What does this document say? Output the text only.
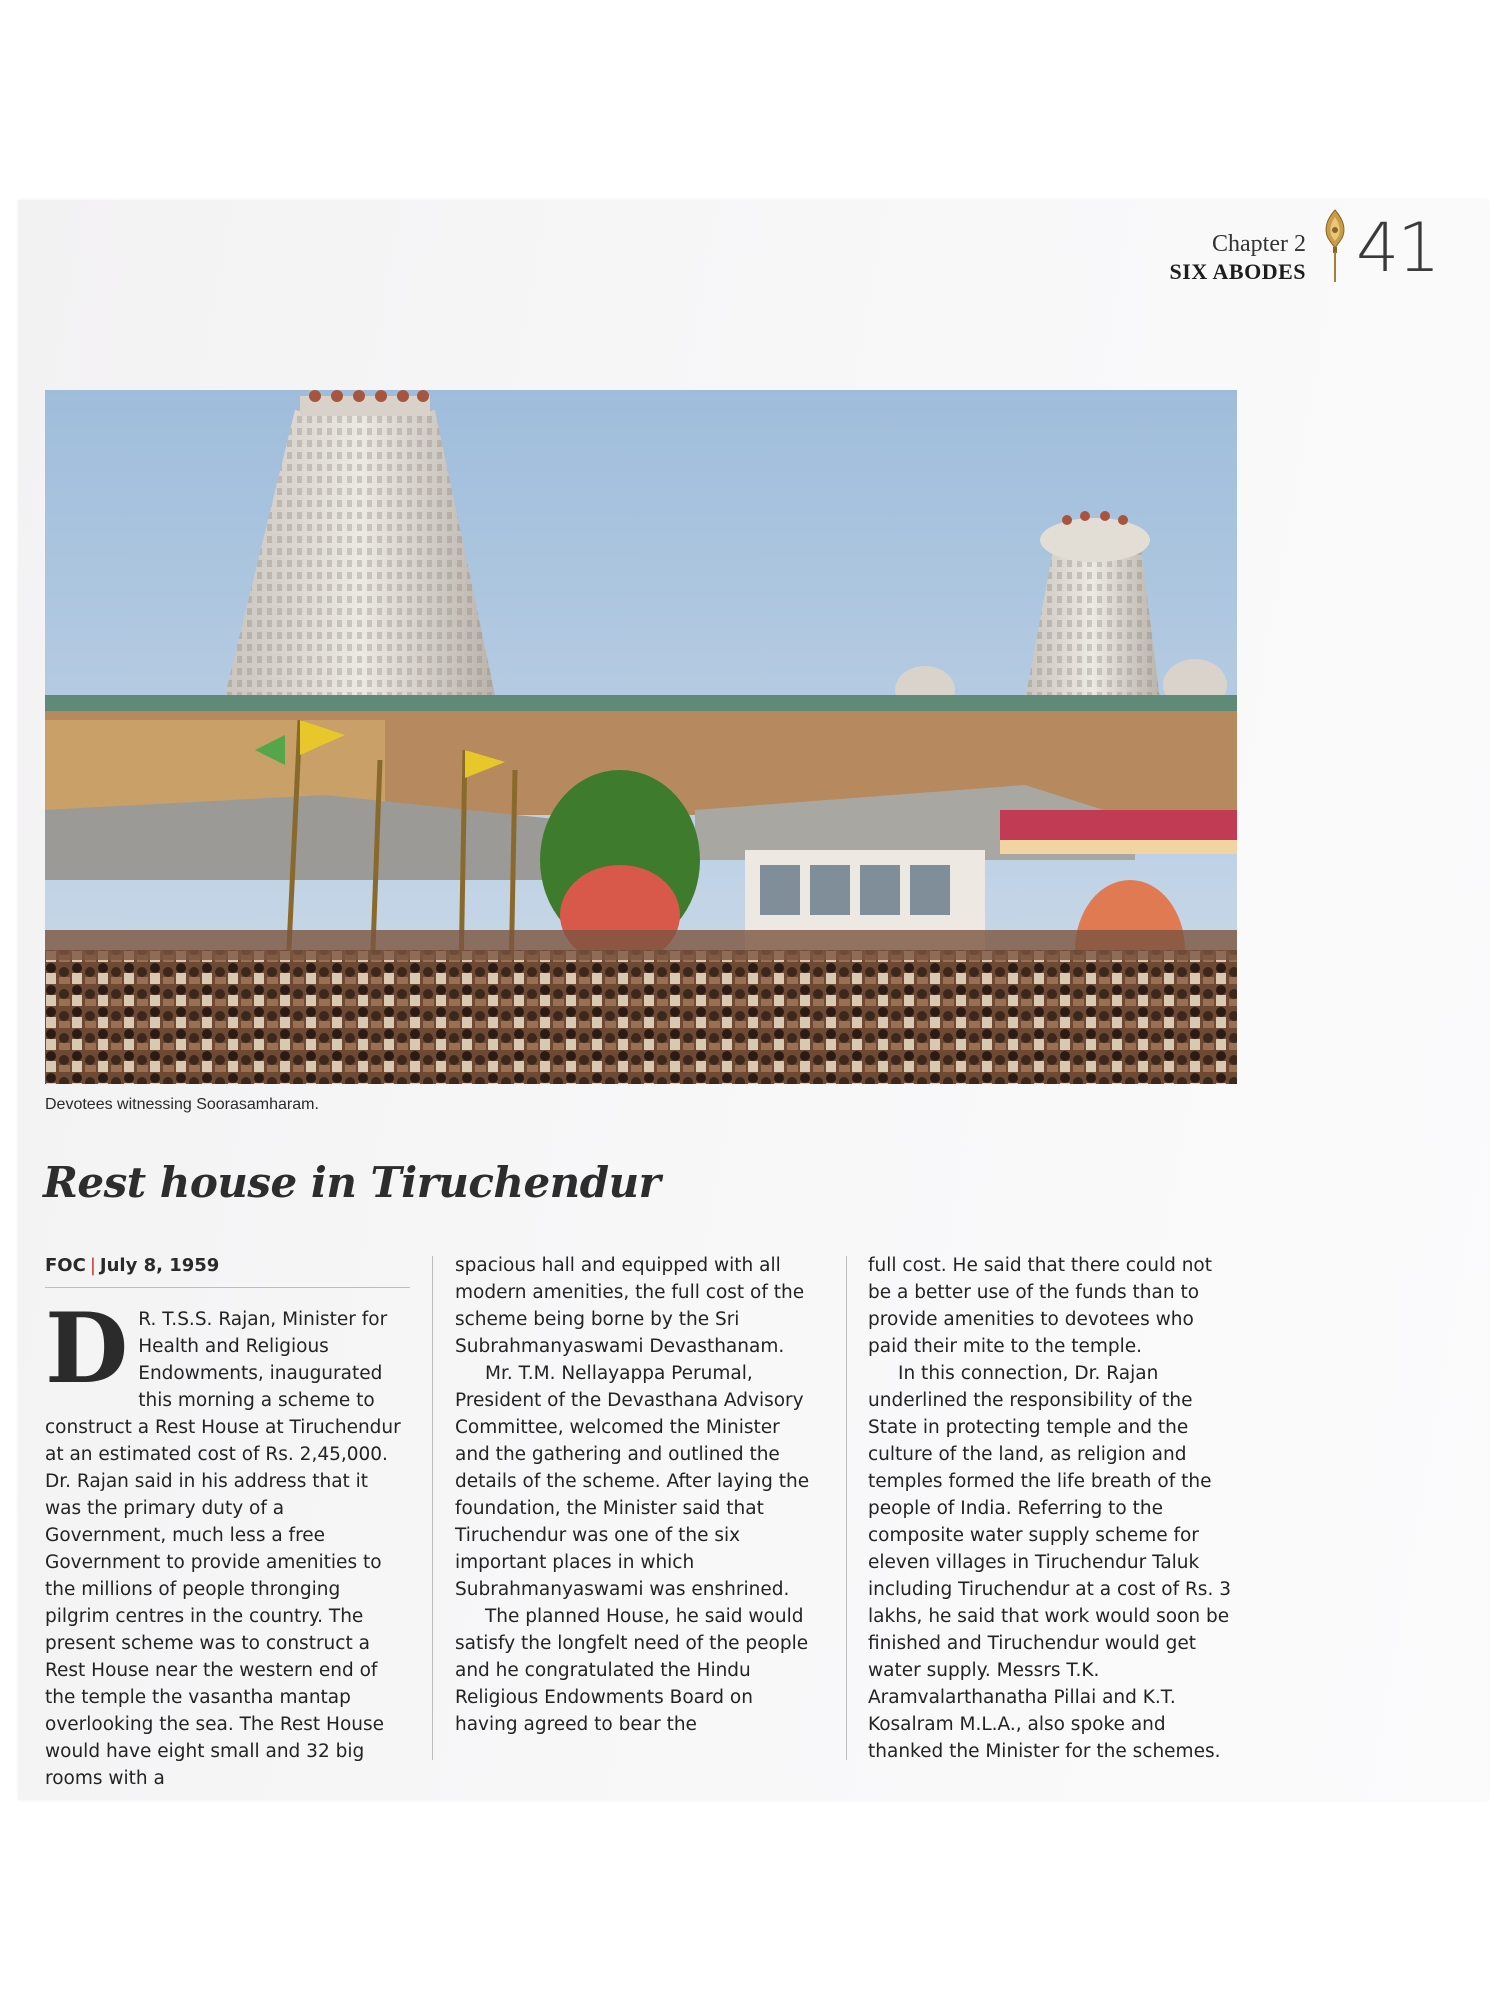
Chapter 2
SIX ABODES 41
Devotees witnessing Soorasamharam.
Rest house in Tiruchendur
FOC | July 8, 1959

D R. T.S.S. Rajan, Minister for Health and Religious Endowments, inaugurated this morning a scheme to construct a Rest House at Tiruchendur at an estimated cost of Rs. 2,45,000. Dr. Rajan said in his address that it was the primary duty of a Government, much less a free Government to provide amenities to the millions of people thronging pilgrim centres in the country. The present scheme was to construct a Rest House near the western end of the temple the vasantha mantap overlooking the sea. The Rest House would have eight small and 32 big rooms with a

spacious hall and equipped with all modern amenities, the full cost of the scheme being borne by the Sri Subrahmanyaswami Devasthanam.

Mr. T.M. Nellayappa Perumal, President of the Devasthana Advisory Committee, welcomed the Minister and the gathering and outlined the details of the scheme. After laying the foundation, the Minister said that Tiruchendur was one of the six important places in which Subrahmanyaswami was enshrined.

The planned House, he said would satisfy the longfelt need of the people and he congratulated the Hindu Religious Endowments Board on having agreed to bear the

full cost. He said that there could not be a better use of the funds than to provide amenities to devotees who paid their mite to the temple.

In this connection, Dr. Rajan underlined the responsibility of the State in protecting temple and the culture of the land, as religion and temples formed the life breath of the people of India. Referring to the composite water supply scheme for eleven villages in Tiruchendur Taluk including Tiruchendur at a cost of Rs. 3 lakhs, he said that work would soon be finished and Tiruchendur would get water supply. Messrs T.K. Aramvalarthanatha Pillai and K.T. Kosalram M.L.A., also spoke and thanked the Minister for the schemes.
